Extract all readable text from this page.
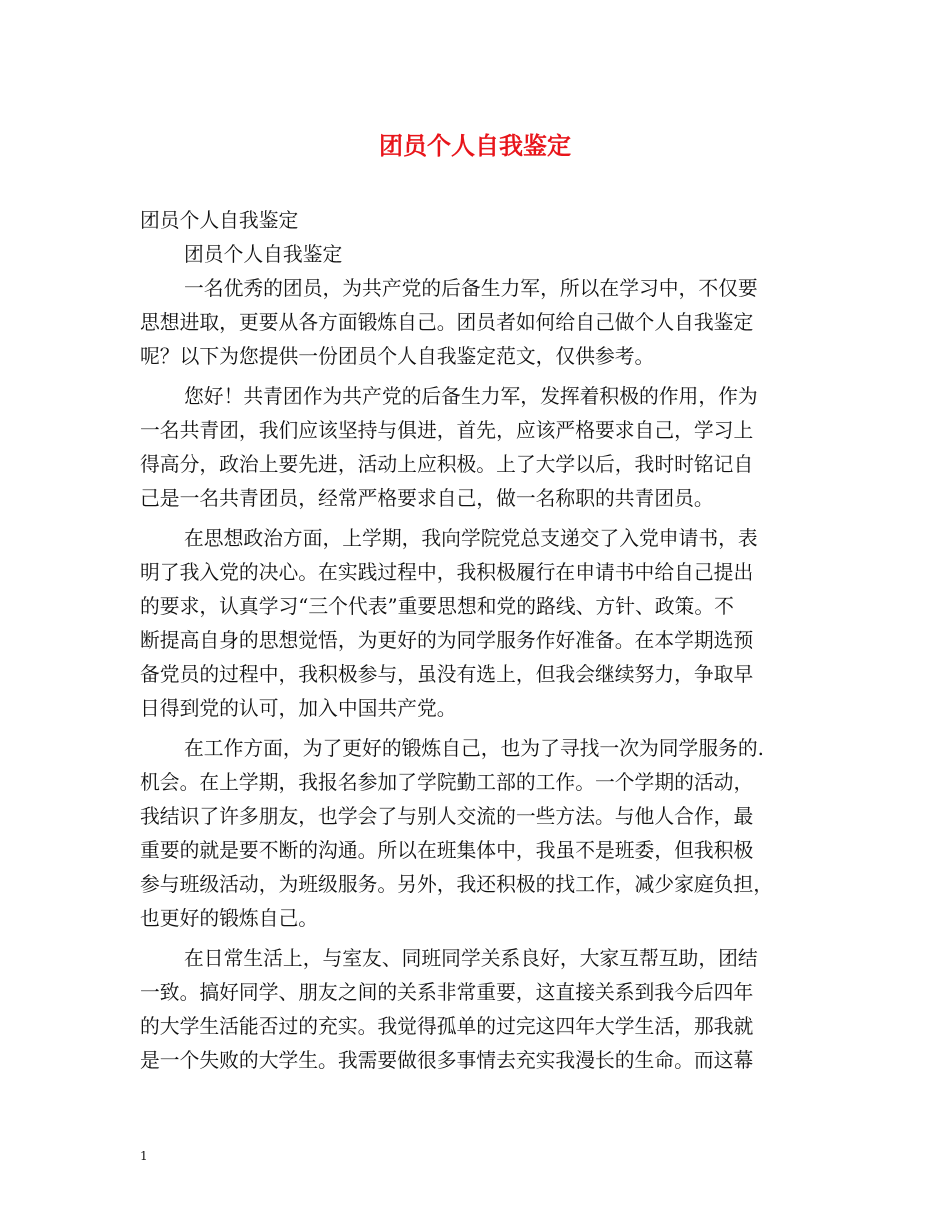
团员个人自我鉴定
团员个人自我鉴定
团员个人自我鉴定
一名优秀的团员，为共产党的后备生力军，所以在学习中，不仅要
思想进取，更要从各方面锻炼自己。团员者如何给自己做个人自我鉴定
呢？以下为您提供一份团员个人自我鉴定范文，仅供参考。
您好！共青团作为共产党的后备生力军，发挥着积极的作用，作为
一名共青团，我们应该坚持与俱进，首先，应该严格要求自己，学习上
得高分，政治上要先进，活动上应积极。上了大学以后，我时时铭记自
己是一名共青团员，经常严格要求自己，做一名称职的共青团员。
在思想政治方面，上学期，我向学院党总支递交了入党申请书，表
明了我入党的决心。在实践过程中，我积极履行在申请书中给自己提出
的要求，认真学习“三个代表”重要思想和党的路线、方针、政策。不
断提高自身的思想觉悟，为更好的为同学服务作好准备。在本学期选预
备党员的过程中，我积极参与，虽没有选上，但我会继续努力，争取早
日得到党的认可，加入中国共产党。
在工作方面，为了更好的锻炼自己，也为了寻找一次为同学服务的.
机会。在上学期，我报名参加了学院勤工部的工作。一个学期的活动，
我结识了许多朋友，也学会了与别人交流的一些方法。与他人合作，最
重要的就是要不断的沟通。所以在班集体中，我虽不是班委，但我积极
参与班级活动，为班级服务。另外，我还积极的找工作，减少家庭负担，
也更好的锻炼自己。
在日常生活上，与室友、同班同学关系良好，大家互帮互助，团结
一致。搞好同学、朋友之间的关系非常重要，这直接关系到我今后四年
的大学生活能否过的充实。我觉得孤单的过完这四年大学生活，那我就
是一个失败的大学生。我需要做很多事情去充实我漫长的生命。而这幕
1
